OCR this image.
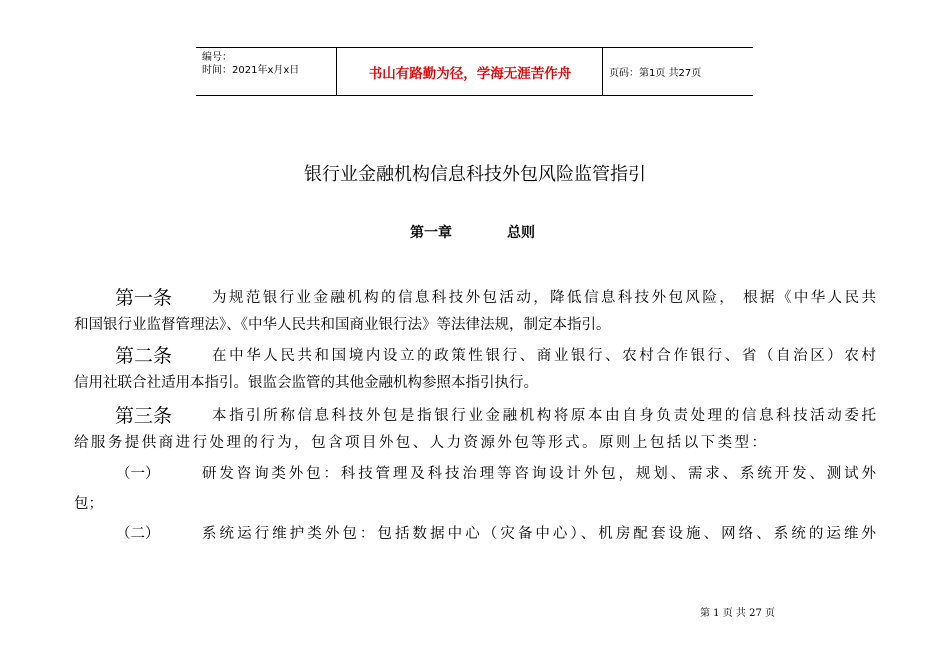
编号：
时间：2021年x月x日	书山有路勤为径，学海无涯苦作舟	页码：第1页 共27页
银行业金融机构信息科技外包风险监管指引
第一章	总则
第一条	为规范银行业金融机构的信息科技外包活动，降低信息科技外包风险， 根据《中华人民共
和国银行业监督管理法》、《中华人民共和国商业银行法》等法律法规，制定本指引。
第二条	在中华人民共和国境内设立的政策性银行、商业银行、农村合作银行、省（自治区）农村
信用社联合社适用本指引。银监会监管的其他金融机构参照本指引执行。
第三条	本指引所称信息科技外包是指银行业金融机构将原本由自身负责处理的信息科技活动委托
给服务提供商进行处理的行为，包含项目外包、人力资源外包等形式。原则上包括以下类型：
（一）	研发咨询类外包：科技管理及科技治理等咨询设计外包，规划、需求、系统开发、测试外
包；
（二）	系统运行维护类外包：包括数据中心（灾备中心）、机房配套设施、网络、系统的运维外
第 1 页 共 27 页
